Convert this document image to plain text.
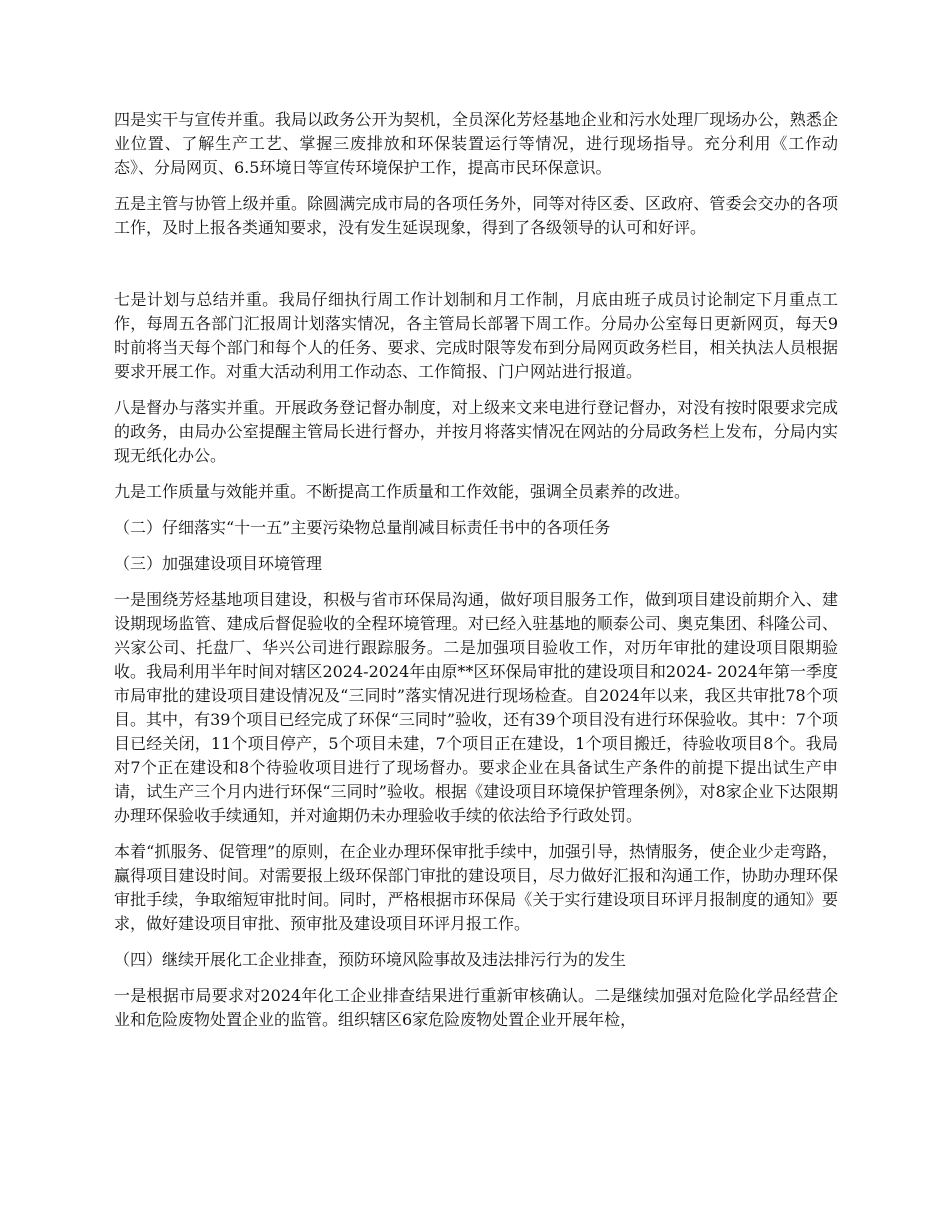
四是实干与宣传并重。我局以政务公开为契机，全员深化芳烃基地企业和污水处理厂现场办公，熟悉企业位置、了解生产工艺、掌握三废排放和环保装置运行等情况，进行现场指导。充分利用《工作动态》、分局网页、6.5环境日等宣传环境保护工作，提高市民环保意识。

五是主管与协管上级并重。除圆满完成市局的各项任务外，同等对待区委、区政府、管委会交办的各项工作，及时上报各类通知要求，没有发生延误现象，得到了各级领导的认可和好评。

七是计划与总结并重。我局仔细执行周工作计划制和月工作制，月底由班子成员讨论制定下月重点工作，每周五各部门汇报周计划落实情况，各主管局长部署下周工作。分局办公室每日更新网页，每天9时前将当天每个部门和每个人的任务、要求、完成时限等发布到分局网页政务栏目，相关执法人员根据要求开展工作。对重大活动利用工作动态、工作简报、门户网站进行报道。

八是督办与落实并重。开展政务登记督办制度，对上级来文来电进行登记督办，对没有按时限要求完成的政务，由局办公室提醒主管局长进行督办，并按月将落实情况在网站的分局政务栏上发布，分局内实现无纸化办公。

九是工作质量与效能并重。不断提高工作质量和工作效能，强调全员素养的改进。

（二）仔细落实“十一五”主要污染物总量削减目标责任书中的各项任务

（三）加强建设项目环境管理

一是围绕芳烃基地项目建设，积极与省市环保局沟通，做好项目服务工作，做到项目建设前期介入、建设期现场监管、建成后督促验收的全程环境管理。对已经入驻基地的顺泰公司、奥克集团、科隆公司、兴家公司、托盘厂、华兴公司进行跟踪服务。二是加强项目验收工作，对历年审批的建设项目限期验收。我局利用半年时间对辖区2024-2024年由原**区环保局审批的建设项目和2024- 2024年第一季度市局审批的建设项目建设情况及“三同时”落实情况进行现场检查。自2024年以来，我区共审批78个项目。其中，有39个项目已经完成了环保“三同时”验收，还有39个项目没有进行环保验收。其中：7个项目已经关闭，11个项目停产，5个项目未建，7个项目正在建设，1个项目搬迁，待验收项目8个。我局对7个正在建设和8个待验收项目进行了现场督办。要求企业在具备试生产条件的前提下提出试生产申请，试生产三个月内进行环保“三同时”验收。根据《建设项目环境保护管理条例》，对8家企业下达限期办理环保验收手续通知，并对逾期仍未办理验收手续的依法给予行政处罚。

本着“抓服务、促管理”的原则，在企业办理环保审批手续中，加强引导，热情服务，使企业少走弯路，赢得项目建设时间。对需要报上级环保部门审批的建设项目，尽力做好汇报和沟通工作，协助办理环保审批手续，争取缩短审批时间。同时，严格根据市环保局《关于实行建设项目环评月报制度的通知》要求，做好建设项目审批、预审批及建设项目环评月报工作。

（四）继续开展化工企业排查，预防环境风险事故及违法排污行为的发生

一是根据市局要求对2024年化工企业排查结果进行重新审核确认。二是继续加强对危险化学品经营企业和危险废物处置企业的监管。组织辖区6家危险废物处置企业开展年检，
